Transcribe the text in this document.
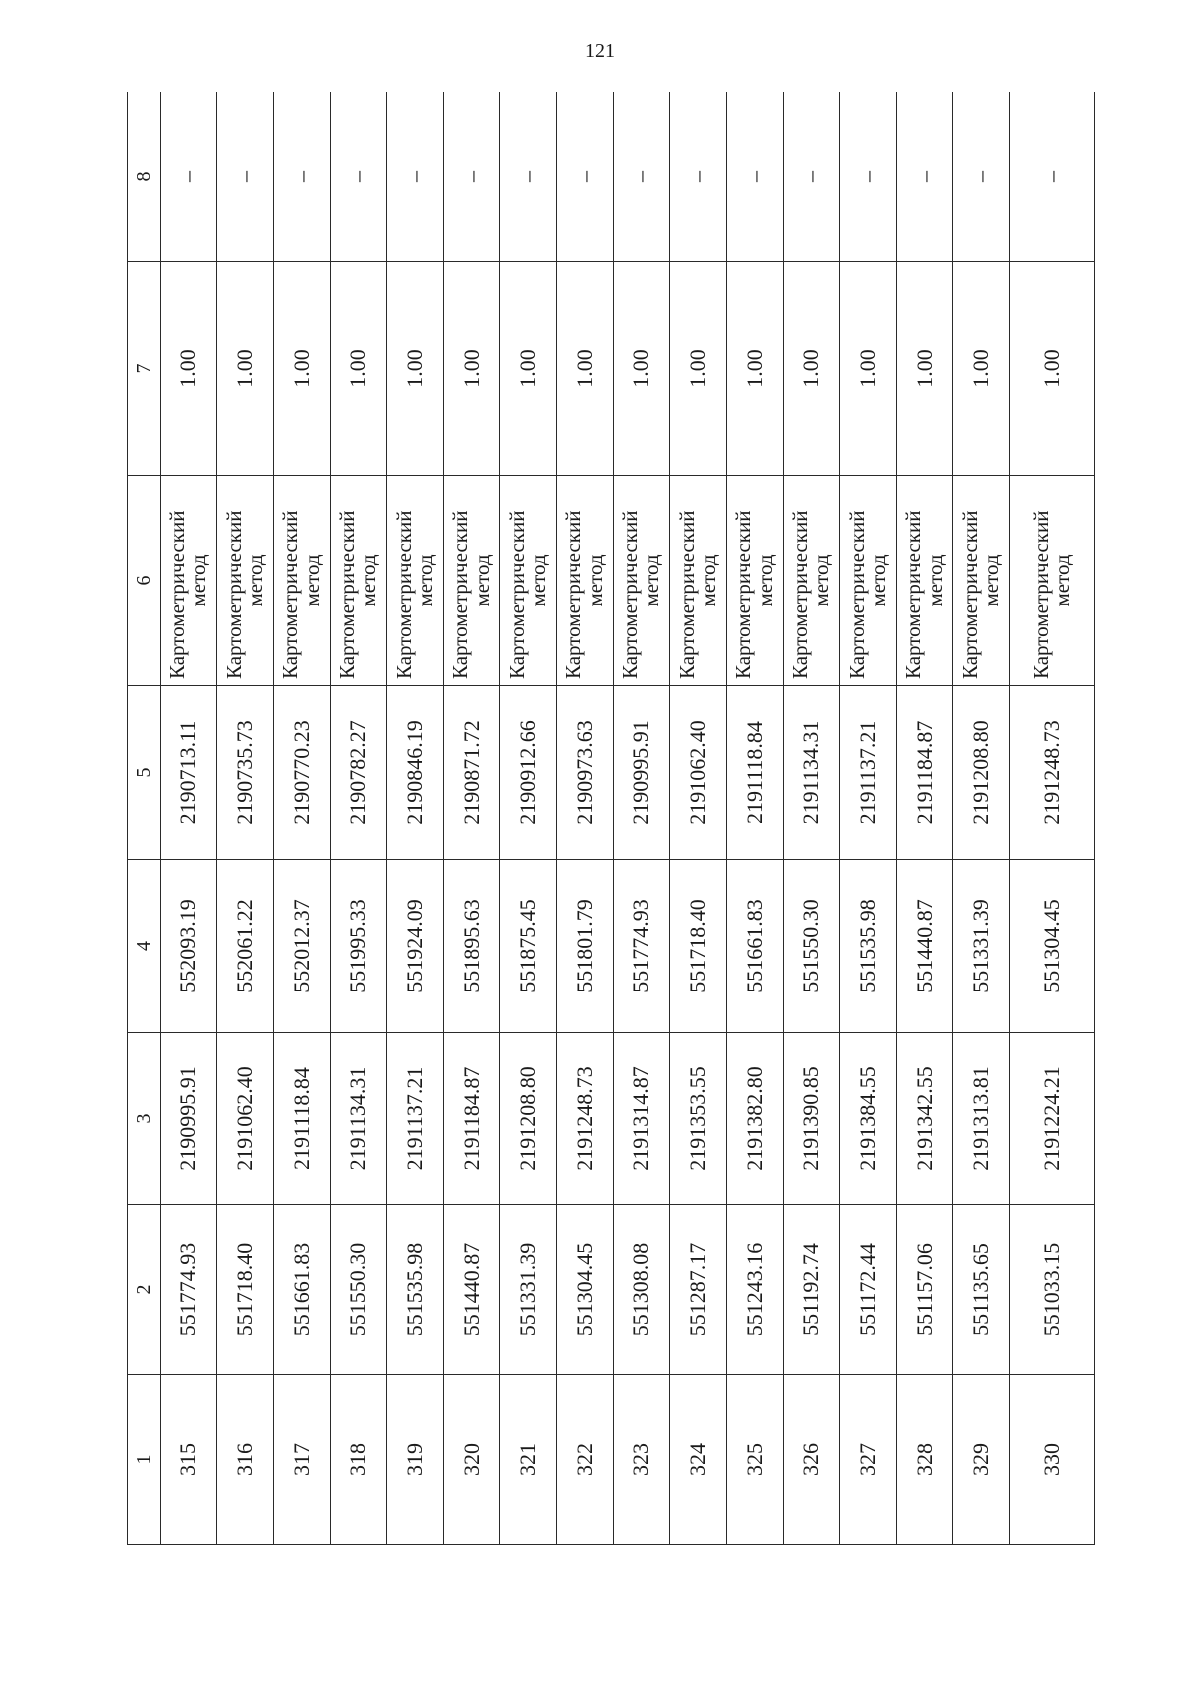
121
1	2	3	4	5	6	7	8
315	551774.93	2190995.91	552093.19	2190713.11	Картометрический
метод	1.00	–
316	551718.40	2191062.40	552061.22	2190735.73	Картометрический
метод	1.00	–
317	551661.83	2191118.84	552012.37	2190770.23	Картометрический
метод	1.00	–
318	551550.30	2191134.31	551995.33	2190782.27	Картометрический
метод	1.00	–
319	551535.98	2191137.21	551924.09	2190846.19	Картометрический
метод	1.00	–
320	551440.87	2191184.87	551895.63	2190871.72	Картометрический
метод	1.00	–
321	551331.39	2191208.80	551875.45	2190912.66	Картометрический
метод	1.00	–
322	551304.45	2191248.73	551801.79	2190973.63	Картометрический
метод	1.00	–
323	551308.08	2191314.87	551774.93	2190995.91	Картометрический
метод	1.00	–
324	551287.17	2191353.55	551718.40	2191062.40	Картометрический
метод	1.00	–
325	551243.16	2191382.80	551661.83	2191118.84	Картометрический
метод	1.00	–
326	551192.74	2191390.85	551550.30	2191134.31	Картометрический
метод	1.00	–
327	551172.44	2191384.55	551535.98	2191137.21	Картометрический
метод	1.00	–
328	551157.06	2191342.55	551440.87	2191184.87	Картометрический
метод	1.00	–
329	551135.65	2191313.81	551331.39	2191208.80	Картометрический
метод	1.00	–
330	551033.15	2191224.21	551304.45	2191248.73	Картометрический
метод	1.00	–
